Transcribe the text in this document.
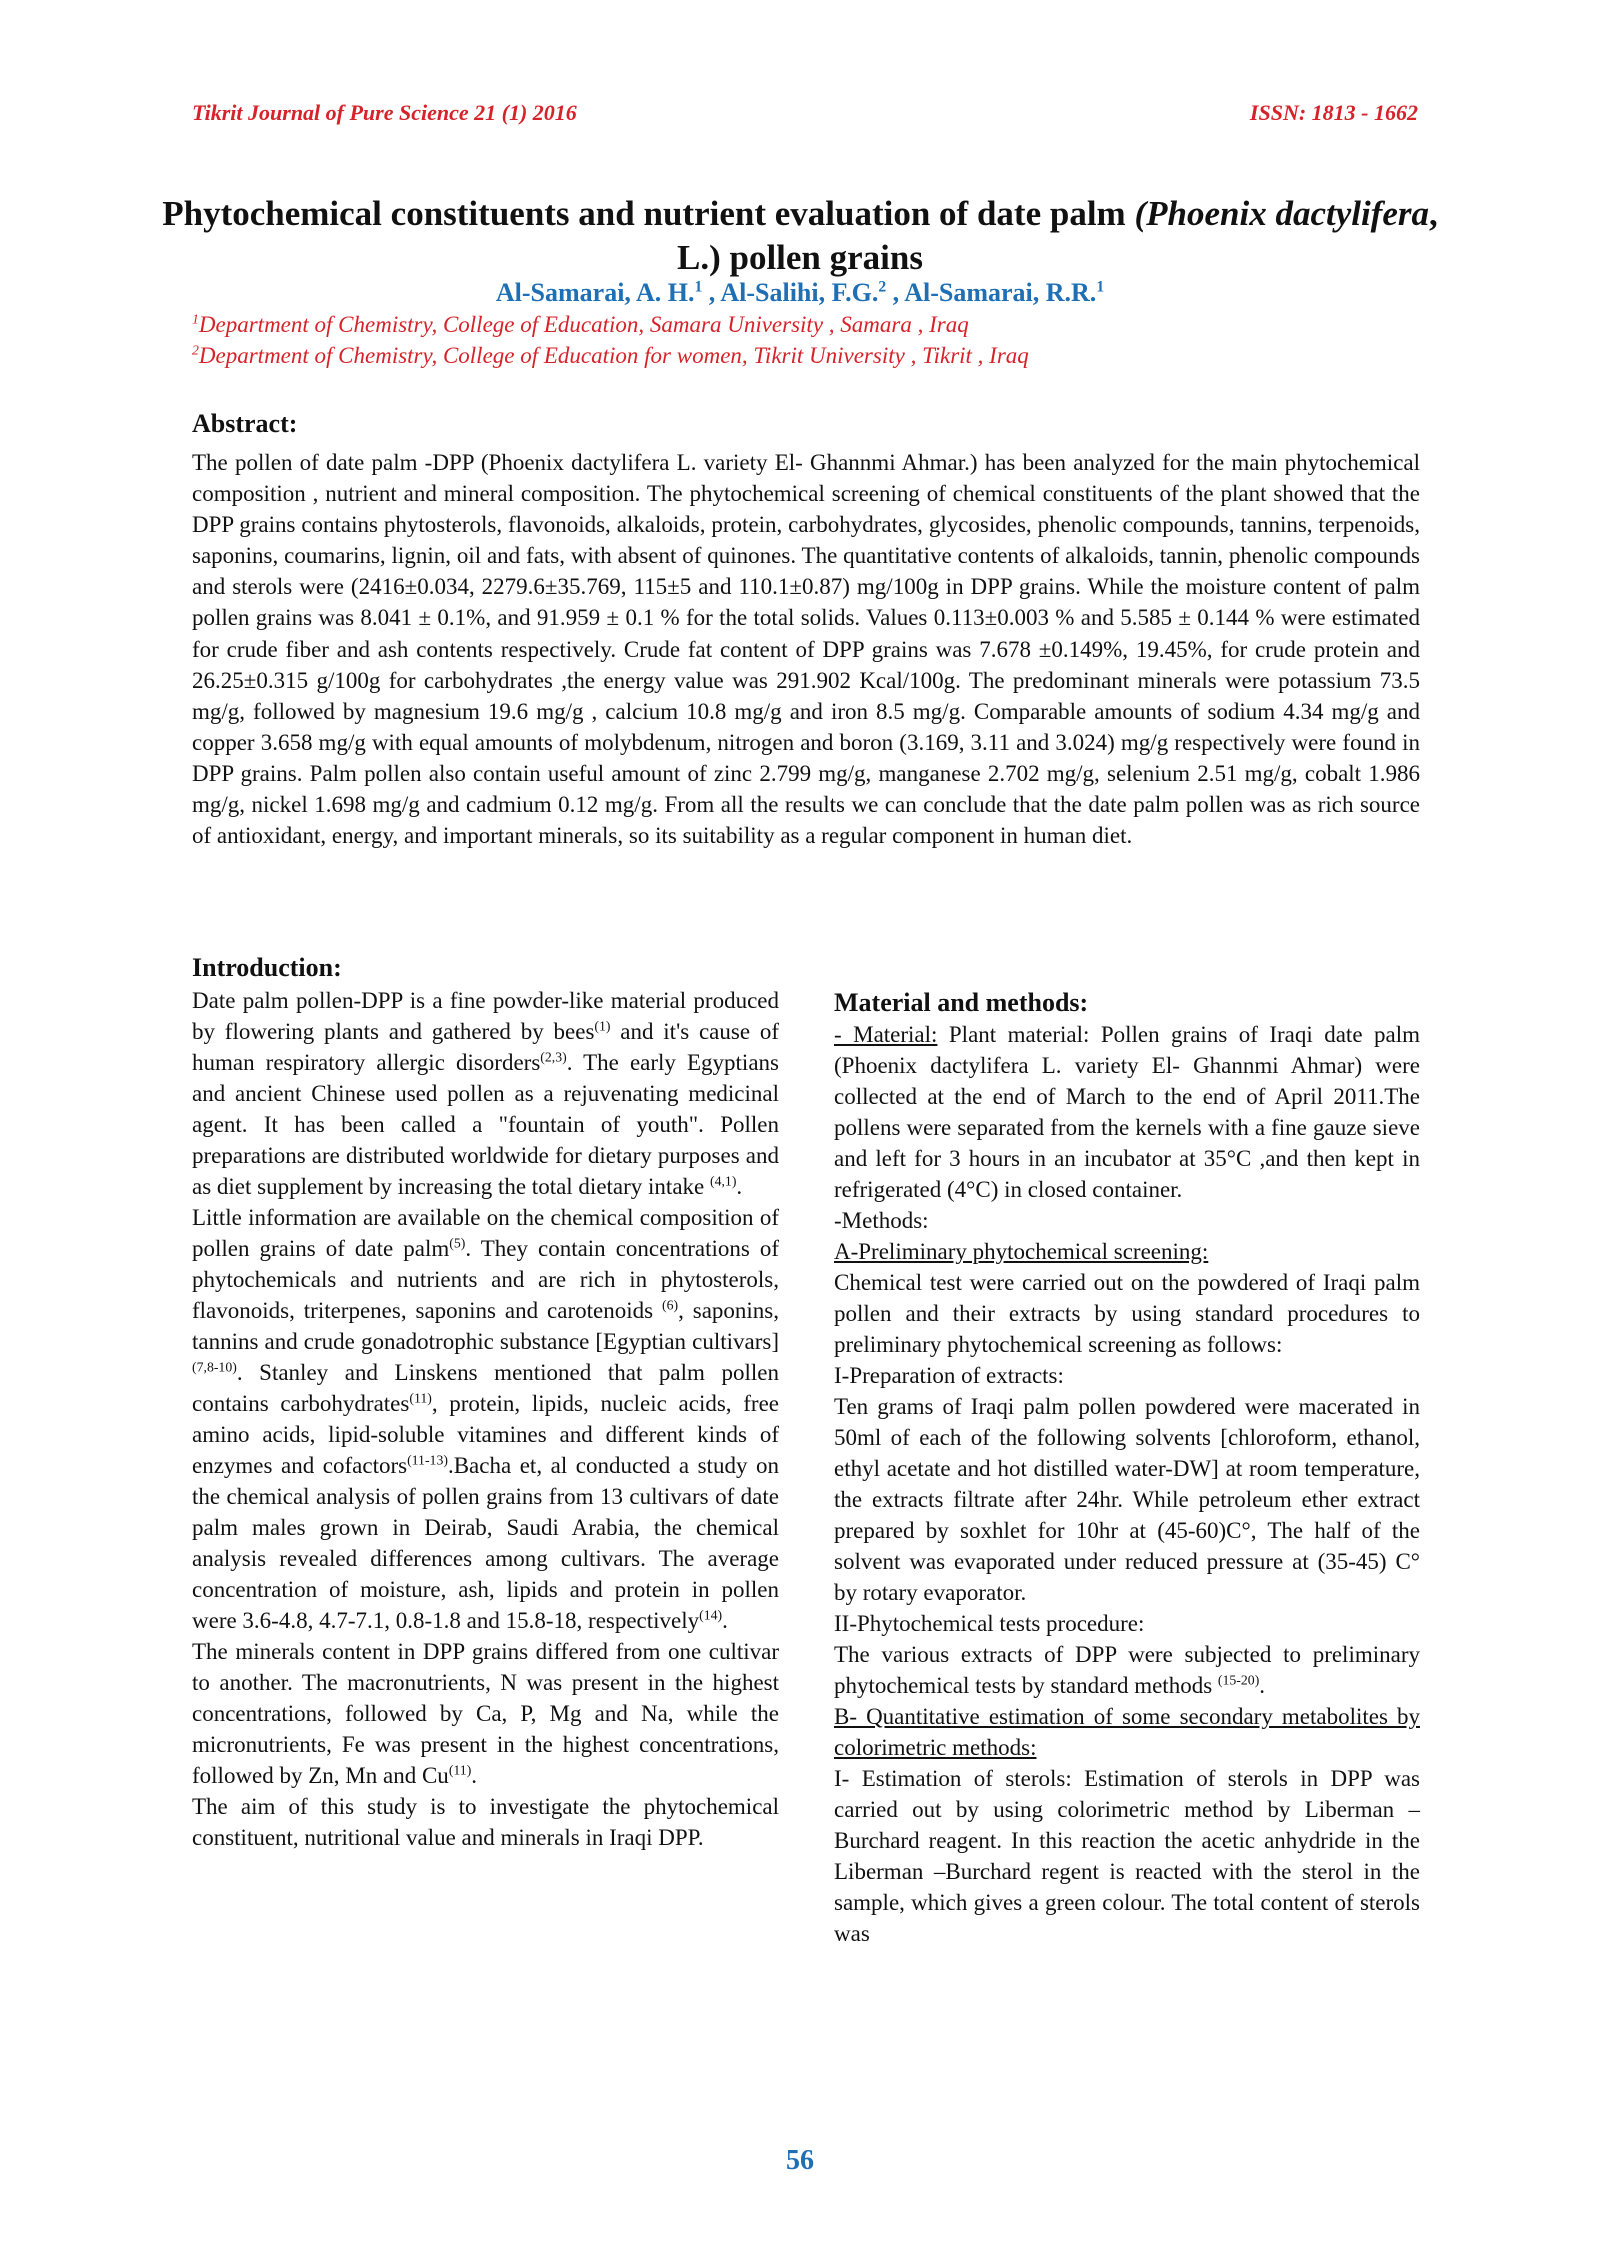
Tikrit Journal of Pure Science 21 (1) 2016	ISSN: 1813 - 1662
Phytochemical constituents and nutrient evaluation of date palm (Phoenix dactylifera, L.) pollen grains
Al-Samarai, A. H.$^1$ , Al-Salihi, F.G.$^2$ , Al-Samarai, R.R.$^1$
$^1$Department of Chemistry, College of Education, Samara University , Samara , Iraq
$^2$Department of Chemistry, College of Education for women, Tikrit University , Tikrit , Iraq
Abstract:
The pollen of date palm -DPP (Phoenix dactylifera L. variety El- Ghannmi Ahmar.) has been analyzed for the main phytochemical composition , nutrient and mineral composition. The phytochemical screening of chemical constituents of the plant showed that the DPP grains contains phytosterols, flavonoids, alkaloids, protein, carbohydrates, glycosides, phenolic compounds, tannins, terpenoids, saponins, coumarins, lignin, oil and fats, with absent of quinones. The quantitative contents of alkaloids, tannin, phenolic compounds and sterols were (2416±0.034, 2279.6±35.769, 115±5 and 110.1±0.87) mg/100g in DPP grains. While the moisture content of palm pollen grains was 8.041 ± 0.1%, and 91.959 ± 0.1 % for the total solids. Values 0.113±0.003 % and 5.585 ± 0.144 % were estimated for crude fiber and ash contents respectively. Crude fat content of DPP grains was 7.678 ±0.149%, 19.45%, for crude protein and 26.25±0.315 g/100g for carbohydrates ,the energy value was 291.902 Kcal/100g. The predominant minerals were potassium 73.5 mg/g, followed by magnesium 19.6 mg/g , calcium 10.8 mg/g and iron 8.5 mg/g. Comparable amounts of sodium 4.34 mg/g and copper 3.658 mg/g with equal amounts of molybdenum, nitrogen and boron (3.169, 3.11 and 3.024) mg/g respectively were found in DPP grains. Palm pollen also contain useful amount of zinc 2.799 mg/g, manganese 2.702 mg/g, selenium 2.51 mg/g, cobalt 1.986 mg/g, nickel 1.698 mg/g and cadmium 0.12 mg/g. From all the results we can conclude that the date palm pollen was as rich source of antioxidant, energy, and important minerals, so its suitability as a regular component in human diet.
Introduction:

Date palm pollen-DPP is a fine powder-like material produced by flowering plants and gathered by bees$^{(1)}$ and it's cause of human respiratory allergic disorders$^{(2,3)}$. The early Egyptians and ancient Chinese used pollen as a rejuvenating medicinal agent. It has been called a "fountain of youth". Pollen preparations are distributed worldwide for dietary purposes and as diet supplement by increasing the total dietary intake $^{(4,1)}$.

Little information are available on the chemical composition of pollen grains of date palm$^{(5)}$. They contain concentrations of phytochemicals and nutrients and are rich in phytosterols, flavonoids, triterpenes, saponins and carotenoids $^{(6)}$, saponins, tannins and crude gonadotrophic substance [Egyptian cultivars]$^{(7,8-10)}$. Stanley and Linskens mentioned that palm pollen contains carbohydrates$^{(11)}$, protein, lipids, nucleic acids, free amino acids, lipid-soluble vitamines and different kinds of enzymes and cofactors$^{(11-13)}$.Bacha et, al conducted a study on the chemical analysis of pollen grains from 13 cultivars of date palm males grown in Deirab, Saudi Arabia, the chemical analysis revealed differences among cultivars. The average concentration of moisture, ash, lipids and protein in pollen were 3.6-4.8, 4.7-7.1, 0.8-1.8 and 15.8-18, respectively$^{(14)}$.

The minerals content in DPP grains differed from one cultivar to another. The macronutrients, N was present in the highest concentrations, followed by Ca, P, Mg and Na, while the micronutrients, Fe was present in the highest concentrations, followed by Zn, Mn and Cu$^{(11)}$.

The aim of this study is to investigate the phytochemical constituent, nutritional value and minerals in Iraqi DPP.

Material and methods:

- Material: Plant material: Pollen grains of Iraqi date palm (Phoenix dactylifera L. variety El- Ghannmi Ahmar) were collected at the end of March to the end of April 2011.The pollens were separated from the kernels with a fine gauze sieve and left for 3 hours in an incubator at 35°C ,and then kept in refrigerated (4°C) in closed container.

-Methods:

A-Preliminary phytochemical screening:

Chemical test were carried out on the powdered of Iraqi palm pollen and their extracts by using standard procedures to preliminary phytochemical screening as follows:

I-Preparation of extracts:

Ten grams of Iraqi palm pollen powdered were macerated in 50ml of each of the following solvents [chloroform, ethanol, ethyl acetate and hot distilled water-DW] at room temperature, the extracts filtrate after 24hr. While petroleum ether extract prepared by soxhlet for 10hr at (45-60)C°, The half of the solvent was evaporated under reduced pressure at (35-45) C° by rotary evaporator.

II-Phytochemical tests procedure:

The various extracts of DPP were subjected to preliminary phytochemical tests by standard methods $^{(15-20)}$.

B- Quantitative estimation of some secondary metabolites by colorimetric methods:

I- Estimation of sterols: Estimation of sterols in DPP was carried out by using colorimetric method by Liberman – Burchard reagent. In this reaction the acetic anhydride in the Liberman –Burchard regent is reacted with the sterol in the sample, which gives a green colour. The total content of sterols was

56
